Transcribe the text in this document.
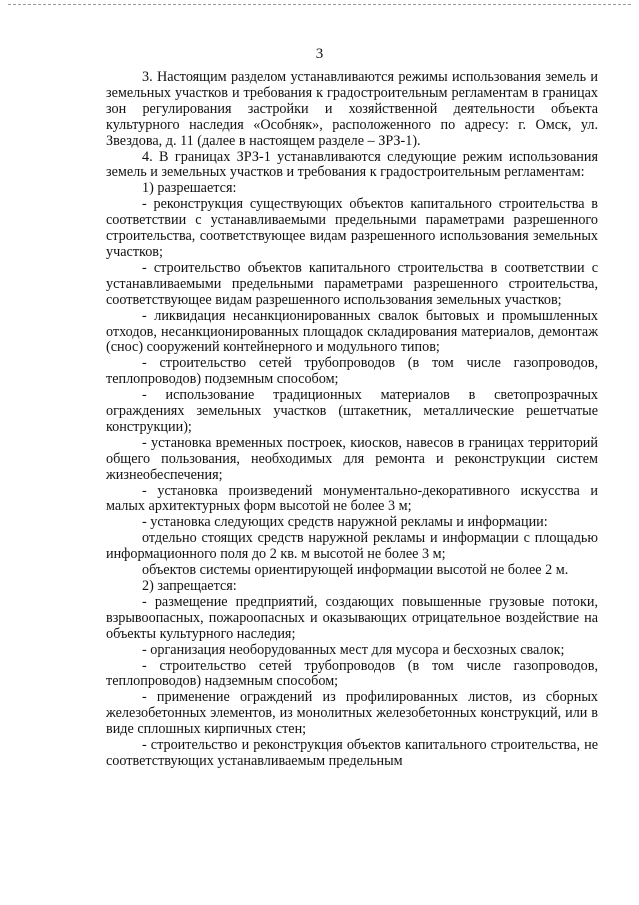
3

3. Настоящим разделом устанавливаются режимы использования земель и земельных участков и требования к градостроительным регламентам в границах зон регулирования застройки и хозяйственной деятельности объекта культурного наследия «Особняк», расположенного по адресу: г. Омск, ул. Звездова, д. 11 (далее в настоящем разделе – ЗРЗ-1).

4. В границах ЗРЗ-1 устанавливаются следующие режим использования земель и земельных участков и требования к градостроительным регламентам:

1) разрешается:

- реконструкция существующих объектов капитального строительства в соответствии с устанавливаемыми предельными параметрами разрешенного строительства, соответствующее видам разрешенного использования земельных участков;

- строительство объектов капитального строительства в соответствии с устанавливаемыми предельными параметрами разрешенного строительства, соответствующее видам разрешенного использования земельных участков;

- ликвидация несанкционированных свалок бытовых и промышленных отходов, несанкционированных площадок складирования материалов, демонтаж (снос) сооружений контейнерного и модульного типов;

- строительство сетей трубопроводов (в том числе газопроводов, теплопроводов) подземным способом;

- использование традиционных материалов в светопрозрачных ограждениях земельных участков (штакетник, металлические решетчатые конструкции);

- установка временных построек, киосков, навесов в границах территорий общего пользования, необходимых для ремонта и реконструкции систем жизнеобеспечения;

- установка произведений монументально-декоративного искусства и малых архитектурных форм высотой не более 3 м;

- установка следующих средств наружной рекламы и информации:

отдельно стоящих средств наружной рекламы и информации с площадью информационного поля до 2 кв. м высотой не более 3 м;

объектов системы ориентирующей информации высотой не более 2 м.

2) запрещается:

- размещение предприятий, создающих повышенные грузовые потоки, взрывоопасных, пожароопасных и оказывающих отрицательное воздействие на объекты культурного наследия;

- организация необорудованных мест для мусора и бесхозных свалок;

- строительство сетей трубопроводов (в том числе газопроводов, теплопроводов) надземным способом;

- применение ограждений из профилированных листов, из сборных железобетонных элементов, из монолитных железобетонных конструкций, или в виде сплошных кирпичных стен;

- строительство и реконструкция объектов капитального строительства, не соответствующих устанавливаемым предельным
